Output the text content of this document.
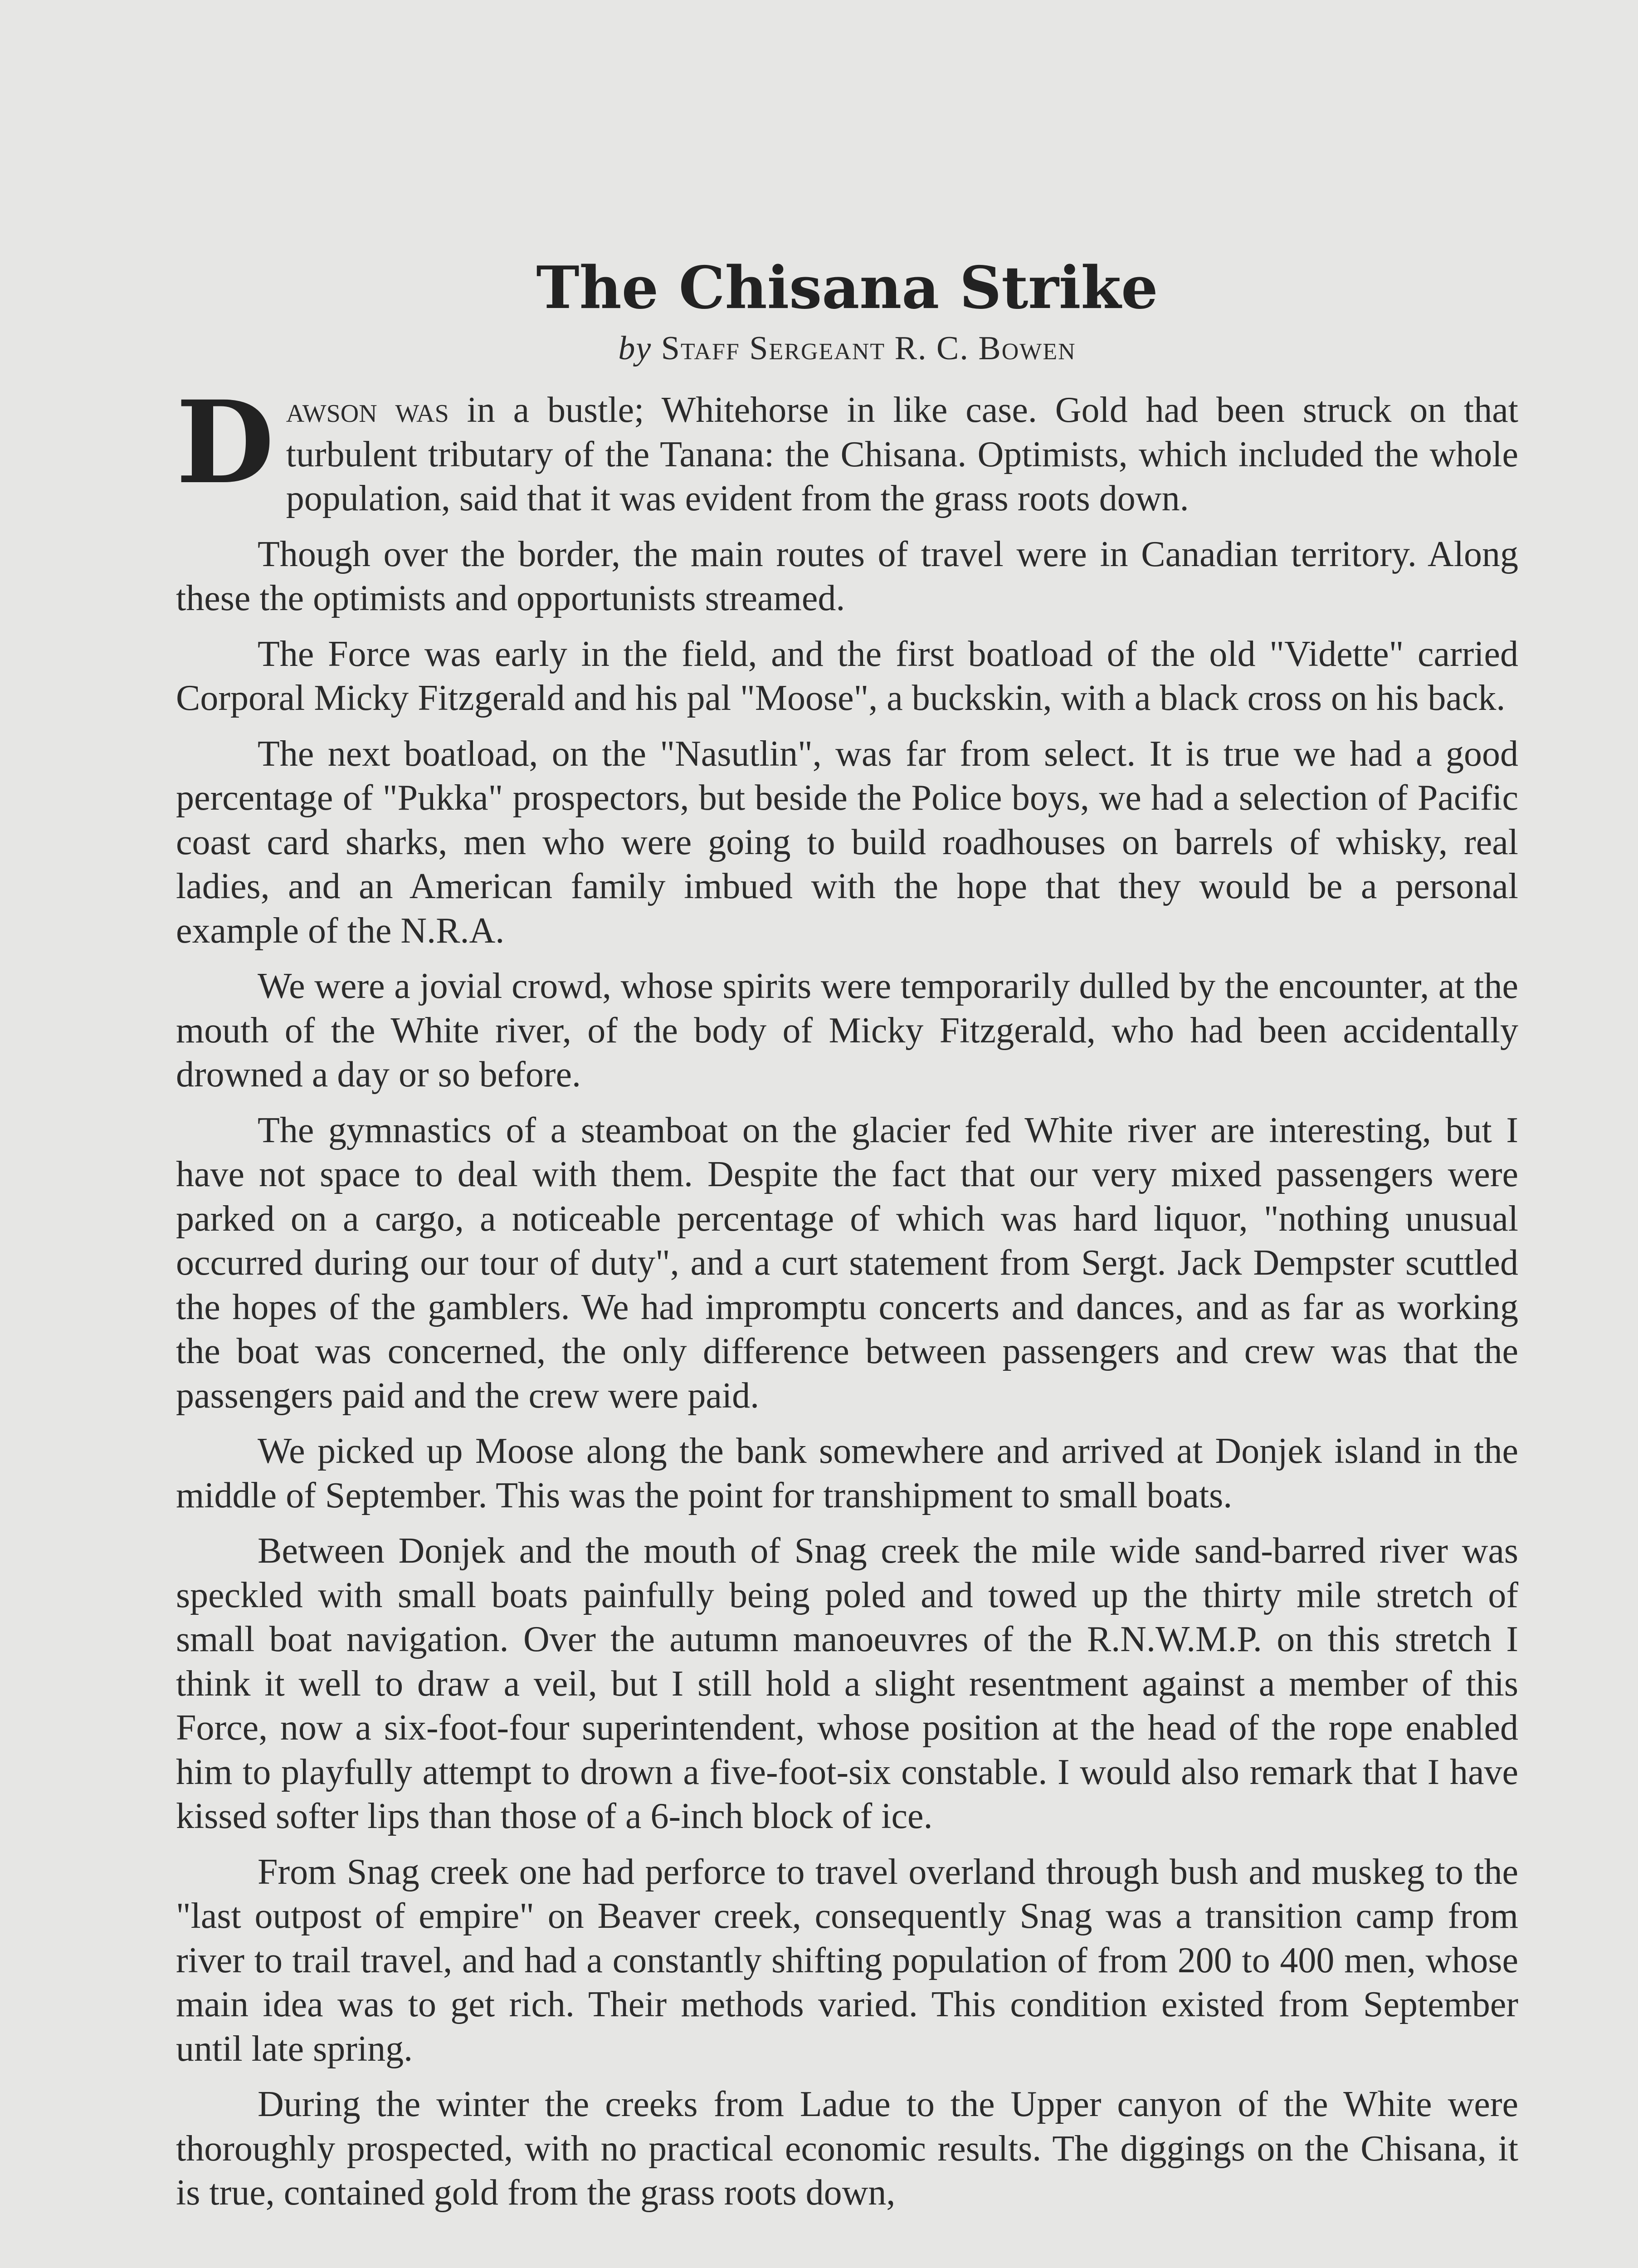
The Chisana Strike
by Staff Sergeant R. C. Bowen

Dawson was in a bustle; Whitehorse in like case. Gold had been struck on that turbulent tributary of the Tanana: the Chisana. Optimists, which included the whole population, said that it was evident from the grass roots down.

Though over the border, the main routes of travel were in Canadian territory. Along these the optimists and opportunists streamed.

The Force was early in the field, and the first boatload of the old "Vidette" carried Corporal Micky Fitzgerald and his pal "Moose", a buckskin, with a black cross on his back.

The next boatload, on the "Nasutlin", was far from select. It is true we had a good percentage of "Pukka" prospectors, but beside the Police boys, we had a selection of Pacific coast card sharks, men who were going to build roadhouses on barrels of whisky, real ladies, and an American family imbued with the hope that they would be a personal example of the N.R.A.

We were a jovial crowd, whose spirits were temporarily dulled by the encounter, at the mouth of the White river, of the body of Micky Fitzgerald, who had been accidentally drowned a day or so before.

The gymnastics of a steamboat on the glacier fed White river are interesting, but I have not space to deal with them. Despite the fact that our very mixed passengers were parked on a cargo, a noticeable percentage of which was hard liquor, "nothing unusual occurred during our tour of duty", and a curt statement from Sergt. Jack Dempster scuttled the hopes of the gamblers. We had impromptu concerts and dances, and as far as working the boat was concerned, the only difference between passengers and crew was that the passengers paid and the crew were paid.

We picked up Moose along the bank somewhere and arrived at Donjek island in the middle of September. This was the point for transhipment to small boats.

Between Donjek and the mouth of Snag creek the mile wide sand-barred river was speckled with small boats painfully being poled and towed up the thirty mile stretch of small boat navigation. Over the autumn manoeuvres of the R.N.W.M.P. on this stretch I think it well to draw a veil, but I still hold a slight resentment against a member of this Force, now a six-foot-four superintendent, whose position at the head of the rope enabled him to playfully attempt to drown a five-foot-six constable. I would also remark that I have kissed softer lips than those of a 6-inch block of ice.

From Snag creek one had perforce to travel overland through bush and muskeg to the "last outpost of empire" on Beaver creek, consequently Snag was a transition camp from river to trail travel, and had a constantly shifting population of from 200 to 400 men, whose main idea was to get rich. Their methods varied. This condition existed from September until late spring.

During the winter the creeks from Ladue to the Upper canyon of the White were thoroughly prospected, with no practical economic results. The diggings on the Chisana, it is true, contained gold from the grass roots down,
